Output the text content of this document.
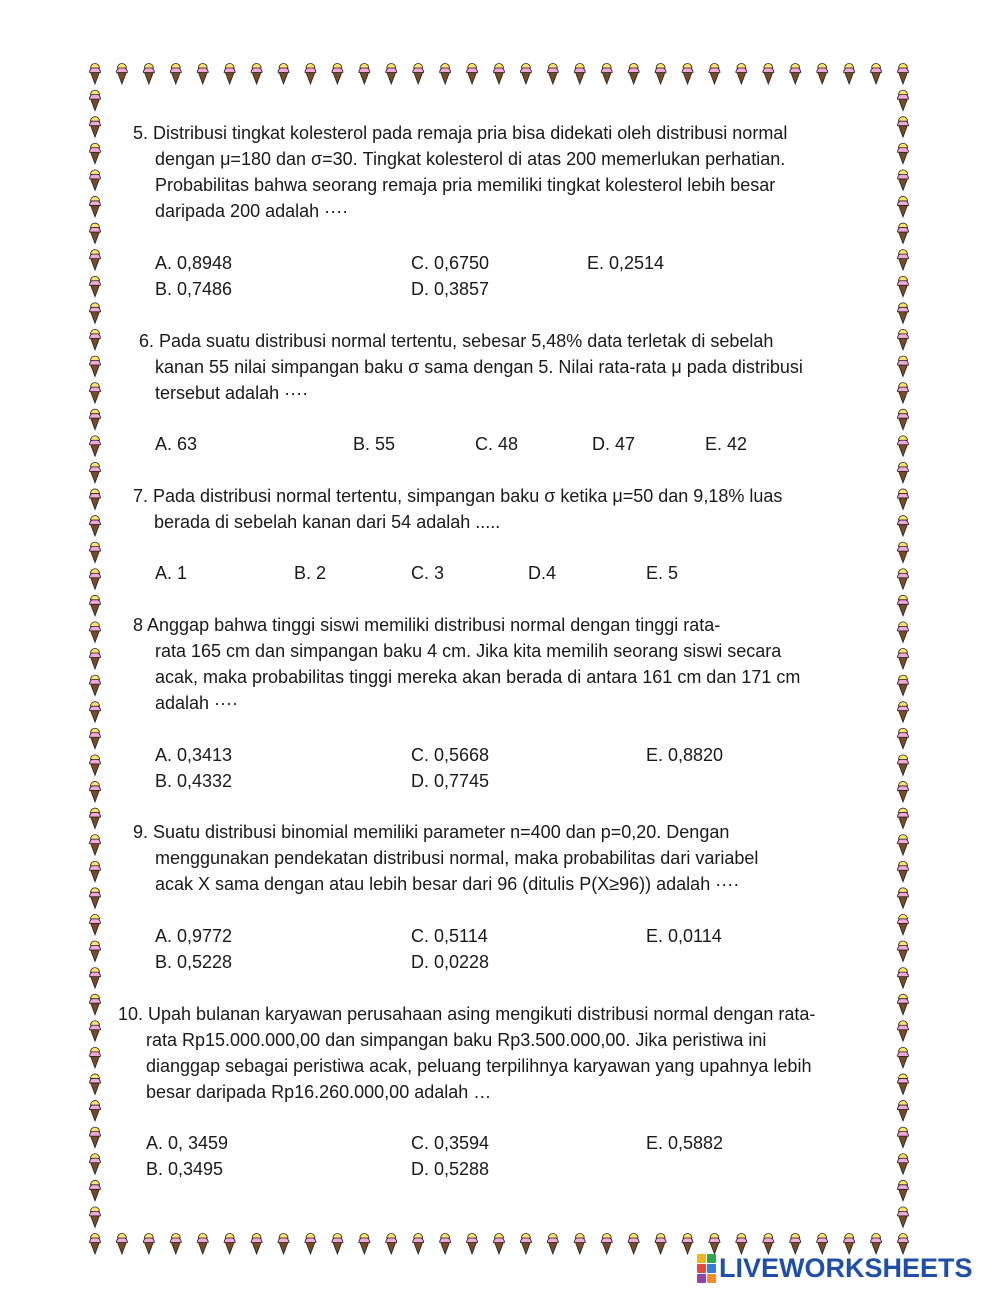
5. Distribusi tingkat kolesterol pada remaja pria bisa didekati oleh distribusi normal
dengan μ=180 dan σ=30. Tingkat kolesterol di atas 200 memerlukan perhatian.
Probabilitas bahwa seorang remaja pria memiliki tingkat kolesterol lebih besar
daripada 200 adalah ····
A. 0,8948
B. 0,7486
C. 0,6750
D. 0,3857
E. 0,2514
6. Pada suatu distribusi normal tertentu, sebesar 5,48% data terletak di sebelah
kanan 55 nilai simpangan baku σ sama dengan 5. Nilai rata-rata μ pada distribusi
tersebut adalah ····
A. 63	B. 55	C. 48	D. 47	E. 42
7. Pada distribusi normal tertentu, simpangan baku σ ketika μ=50 dan 9,18% luas
berada di sebelah kanan dari 54 adalah .....
A. 1	B. 2	C. 3	D.4	E. 5
8 Anggap bahwa tinggi siswi memiliki distribusi normal dengan tinggi rata-
rata 165 cm dan simpangan baku 4 cm. Jika kita memilih seorang siswi secara
acak, maka probabilitas tinggi mereka akan berada di antara 161 cm dan 171 cm
adalah ····
A. 0,3413
B. 0,4332
C. 0,5668
D. 0,7745
E. 0,8820
9. Suatu distribusi binomial memiliki parameter n=400 dan p=0,20. Dengan
menggunakan pendekatan distribusi normal, maka probabilitas dari variabel
acak X sama dengan atau lebih besar dari 96 (ditulis P(X≥96)) adalah ····
A. 0,9772
B. 0,5228
C. 0,5114
D. 0,0228
E. 0,0114
10. Upah bulanan karyawan perusahaan asing mengikuti distribusi normal dengan rata-
rata Rp15.000.000,00 dan simpangan baku Rp3.500.000,00. Jika peristiwa ini
dianggap sebagai peristiwa acak, peluang terpilihnya karyawan yang upahnya lebih
besar daripada Rp16.260.000,00 adalah …
A. 0, 3459
B. 0,3495
C. 0,3594
D. 0,5288
E. 0,5882
LIVEWORKSHEETS
